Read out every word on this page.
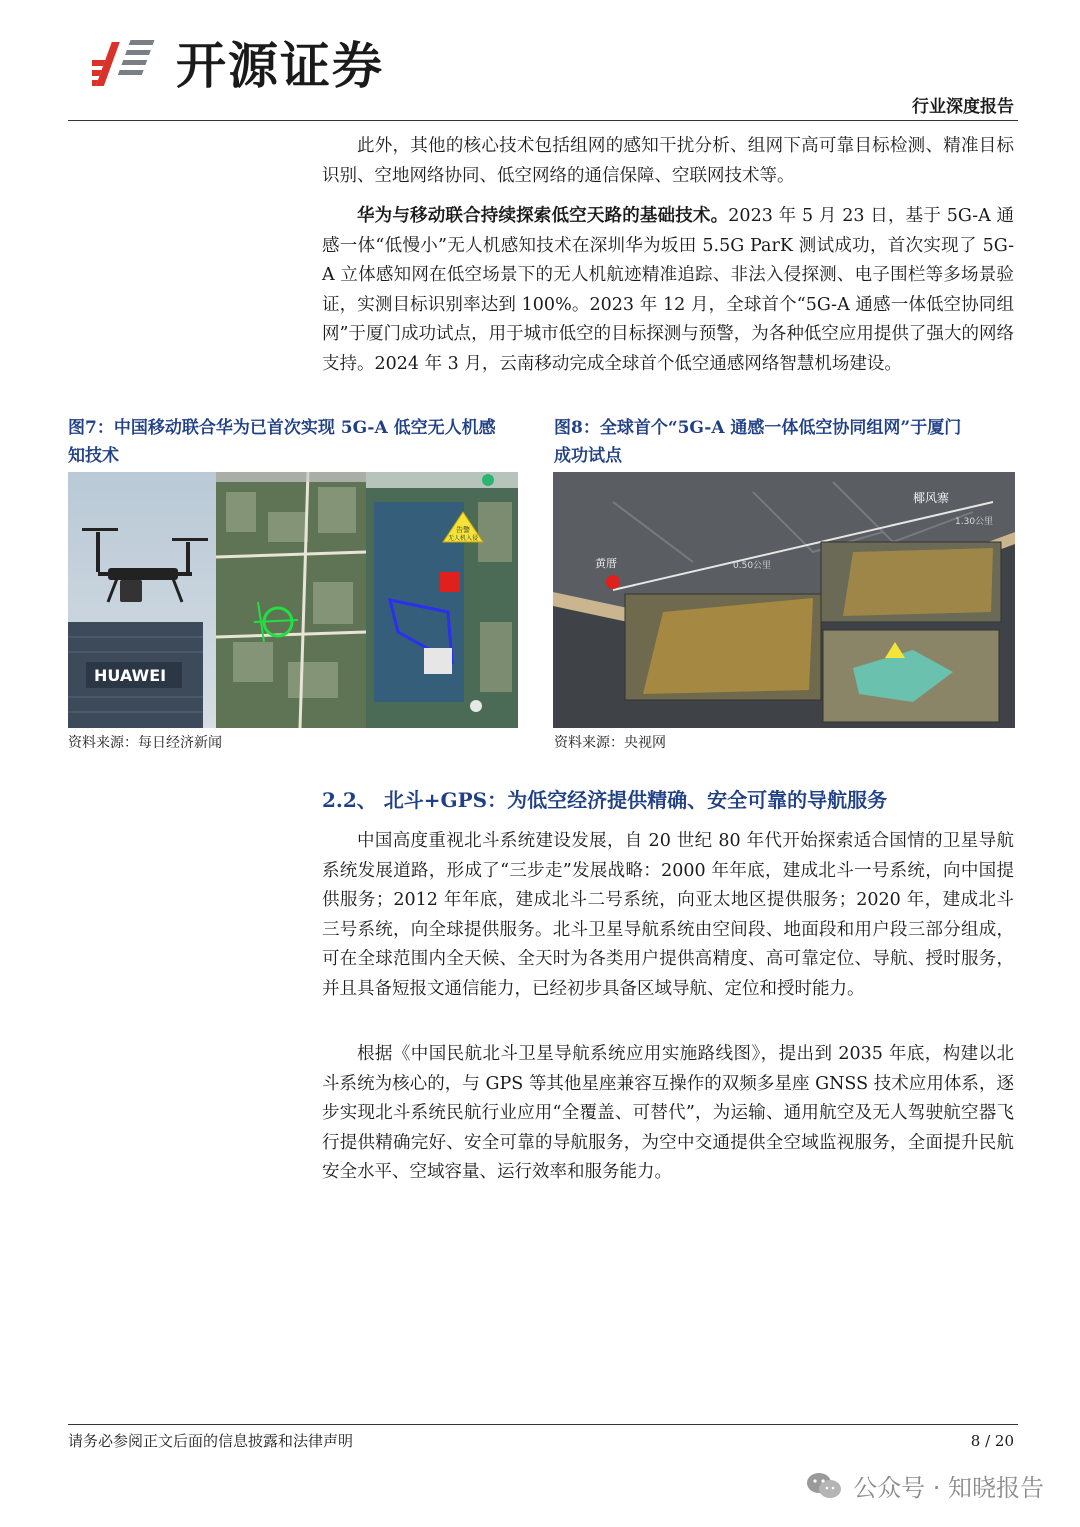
开源证券
行业深度报告

此外，其他的核心技术包括组网的感知干扰分析、组网下高可靠目标检测、精准目标识别、空地网络协同、低空网络的通信保障、空联网技术等。

华为与移动联合持续探索低空天路的基础技术。2023 年 5 月 23 日，基于 5G-A 通感一体“低慢小”无人机感知技术在深圳华为坂田 5.5G ParK 测试成功，首次实现了 5G-A 立体感知网在低空场景下的无人机航迹精准追踪、非法入侵探测、电子围栏等多场景验证，实测目标识别率达到 100%。2023 年 12 月，全球首个“5G-A 通感一体低空协同组网”于厦门成功试点，用于城市低空的目标探测与预警，为各种低空应用提供了强大的网络支持。2024 年 3 月，云南移动完成全球首个低空通感网络智慧机场建设。

图7：中国移动联合华为已首次实现 5G-A 低空无人机感
知技术
HUAWEI
告警
无人机入侵
资料来源：每日经济新闻
图8：全球首个“5G-A 通感一体低空协同组网”于厦门
成功试点
黄厝
椰风寨
0.50公里
1.30公里
资料来源：央视网
2.2、 北斗+GPS：为低空经济提供精确、安全可靠的导航服务

中国高度重视北斗系统建设发展，自 20 世纪 80 年代开始探索适合国情的卫星导航系统发展道路，形成了“三步走”发展战略：2000 年年底，建成北斗一号系统，向中国提供服务；2012 年年底，建成北斗二号系统，向亚太地区提供服务；2020 年，建成北斗三号系统，向全球提供服务。北斗卫星导航系统由空间段、地面段和用户段三部分组成，可在全球范围内全天候、全天时为各类用户提供高精度、高可靠定位、导航、授时服务，并且具备短报文通信能力，已经初步具备区域导航、定位和授时能力。

根据《中国民航北斗卫星导航系统应用实施路线图》，提出到 2035 年底，构建以北斗系统为核心的，与 GPS 等其他星座兼容互操作的双频多星座 GNSS 技术应用体系，逐步实现北斗系统民航行业应用“全覆盖、可替代”，为运输、通用航空及无人驾驶航空器飞行提供精确完好、安全可靠的导航服务，为空中交通提供全空域监视服务，全面提升民航安全水平、空域容量、运行效率和服务能力。

请务必参阅正文后面的信息披露和法律声明	8 / 20
公众号 · 知晓报告
